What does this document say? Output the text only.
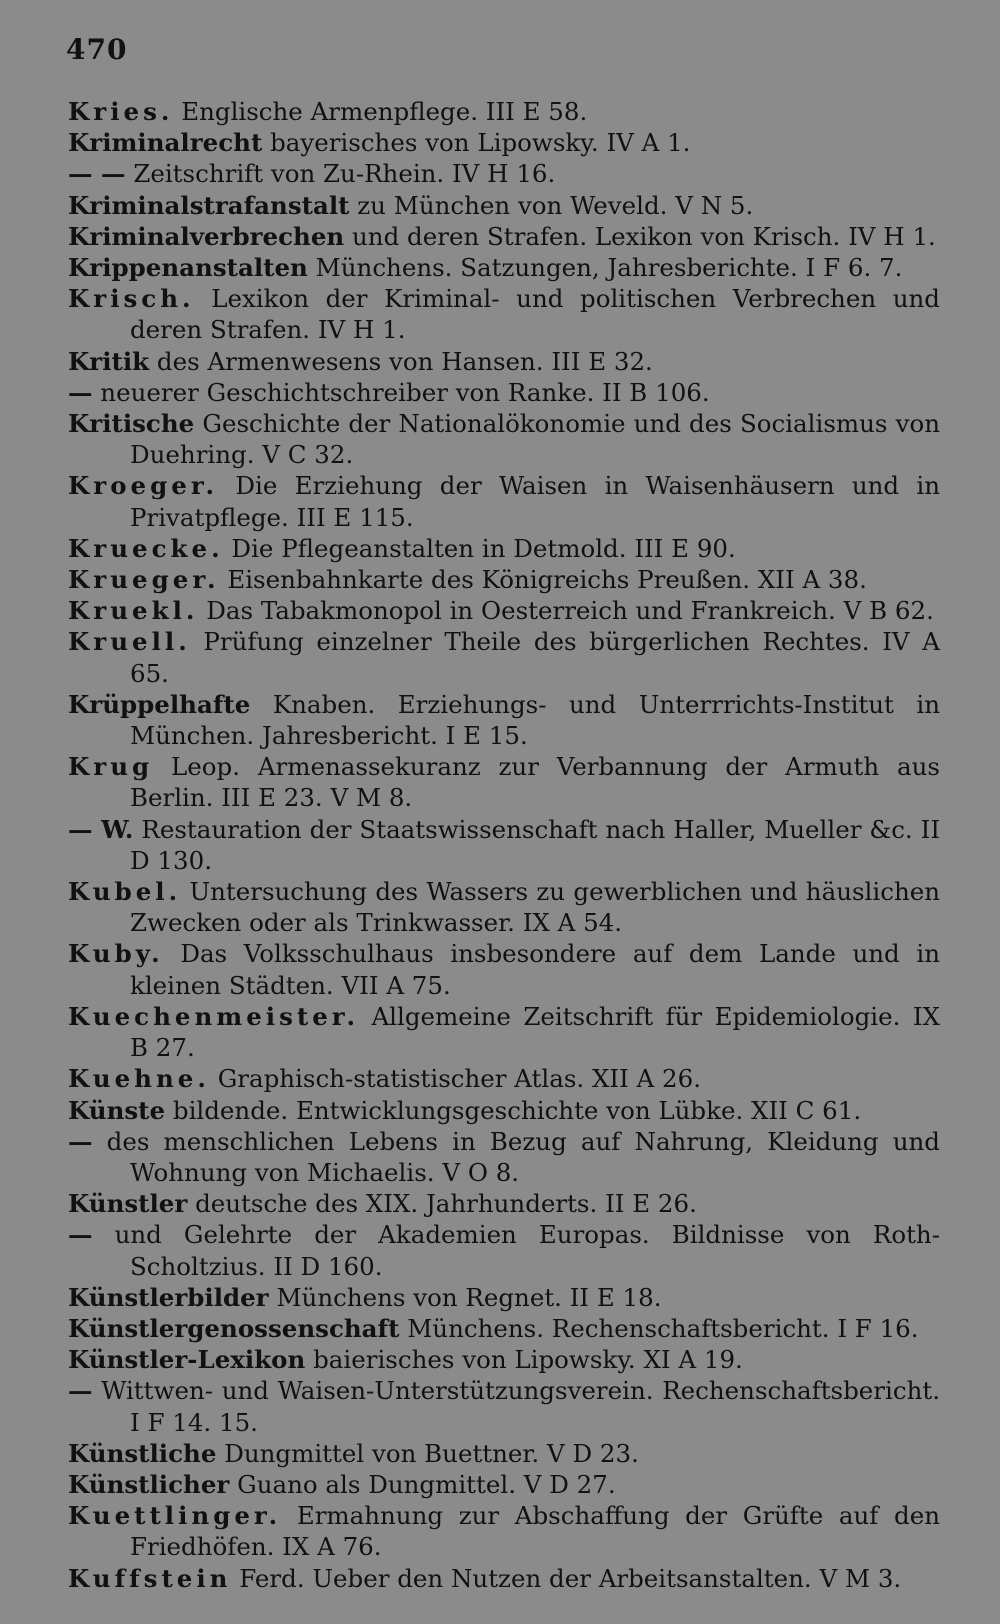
470
Kries. Englische Armenpflege. III E 58.
Kriminalrecht bayerisches von Lipowsky. IV A 1.
— — Zeitschrift von Zu-Rhein. IV H 16.
Kriminalstrafanstalt zu München von Weveld. V N 5.
Kriminalverbrechen und deren Strafen. Lexikon von Krisch. IV H 1.
Krippenanstalten Münchens. Satzungen, Jahresberichte. I F 6. 7.
Krisch. Lexikon der Kriminal- und politischen Verbrechen und deren Strafen. IV H 1.
Kritik des Armenwesens von Hansen. III E 32.
— neuerer Geschichtschreiber von Ranke. II B 106.
Kritische Geschichte der Nationalökonomie und des Socialismus von Duehring. V C 32.
Kroeger. Die Erziehung der Waisen in Waisenhäusern und in Privatpflege. III E 115.
Kruecke. Die Pflegeanstalten in Detmold. III E 90.
Krueger. Eisenbahnkarte des Königreichs Preußen. XII A 38.
Kruekl. Das Tabakmonopol in Oesterreich und Frankreich. V B 62.
Kruell. Prüfung einzelner Theile des bürgerlichen Rechtes. IV A 65.
Krüppelhafte Knaben. Erziehungs- und Unterrrichts-Institut in München. Jahresbericht. I E 15.
Krug Leop. Armenassekuranz zur Verbannung der Armuth aus Berlin. III E 23. V M 8.
— W. Restauration der Staatswissenschaft nach Haller, Mueller &c. II D 130.
Kubel. Untersuchung des Wassers zu gewerblichen und häuslichen Zwecken oder als Trinkwasser. IX A 54.
Kuby. Das Volksschulhaus insbesondere auf dem Lande und in kleinen Städten. VII A 75.
Kuechenmeister. Allgemeine Zeitschrift für Epidemiologie. IX B 27.
Kuehne. Graphisch-statistischer Atlas. XII A 26.
Künste bildende. Entwicklungsgeschichte von Lübke. XII C 61.
— des menschlichen Lebens in Bezug auf Nahrung, Kleidung und Wohnung von Michaelis. V O 8.
Künstler deutsche des XIX. Jahrhunderts. II E 26.
— und Gelehrte der Akademien Europas. Bildnisse von Roth-Scholtzius. II D 160.
Künstlerbilder Münchens von Regnet. II E 18.
Künstlergenossenschaft Münchens. Rechenschaftsbericht. I F 16.
Künstler-Lexikon baierisches von Lipowsky. XI A 19.
— Wittwen- und Waisen-Unterstützungsverein. Rechenschaftsbericht. I F 14. 15.
Künstliche Dungmittel von Buettner. V D 23.
Künstlicher Guano als Dungmittel. V D 27.
Kuettlinger. Ermahnung zur Abschaffung der Grüfte auf den Friedhöfen. IX A 76.
Kuffstein Ferd. Ueber den Nutzen der Arbeitsanstalten. V M 3.
